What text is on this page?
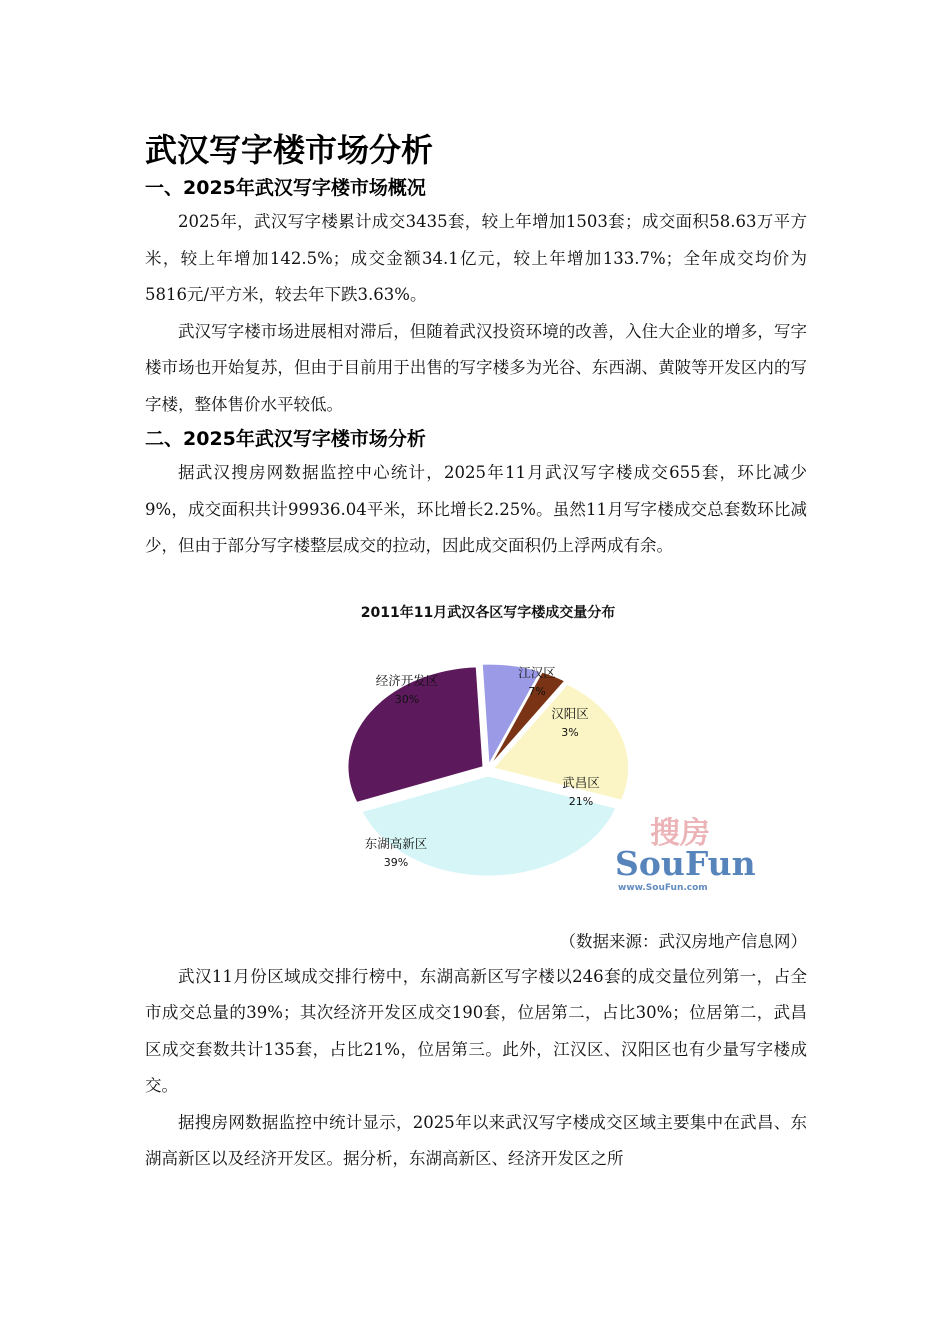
武汉写字楼市场分析
一、2025年武汉写字楼市场概况

2025年，武汉写字楼累计成交3435套，较上年增加1503套；成交面积58.63万平方米，较上年增加142.5%；成交金额34.1亿元，较上年增加133.7%；全年成交均价为5816元/平方米，较去年下跌3.63%。

武汉写字楼市场进展相对滞后，但随着武汉投资环境的改善，入住大企业的增多，写字楼市场也开始复苏，但由于目前用于出售的写字楼多为光谷、东西湖、黄陂等开发区内的写字楼，整体售价水平较低。

二、2025年武汉写字楼市场分析

据武汉搜房网数据监控中心统计，2025年11月武汉写字楼成交655套，环比减少9%，成交面积共计99936.04平米，环比增长2.25%。虽然11月写字楼成交总套数环比减少，但由于部分写字楼整层成交的拉动，因此成交面积仍上浮两成有余。

2011年11月武汉各区写字楼成交量分布
经济开发区
30%
江汉区
7%
汉阳区
3%
武昌区
21%
东湖高新区
39%
搜房
SouFun
www.SouFun.com
（数据来源：武汉房地产信息网）

武汉11月份区域成交排行榜中，东湖高新区写字楼以246套的成交量位列第一，占全市成交总量的39%；其次经济开发区成交190套，位居第二，占比30%；位居第二，武昌区成交套数共计135套，占比21%，位居第三。此外，江汉区、汉阳区也有少量写字楼成交。

据搜房网数据监控中统计显示，2025年以来武汉写字楼成交区域主要集中在武昌、东湖高新区以及经济开发区。据分析，东湖高新区、经济开发区之所
